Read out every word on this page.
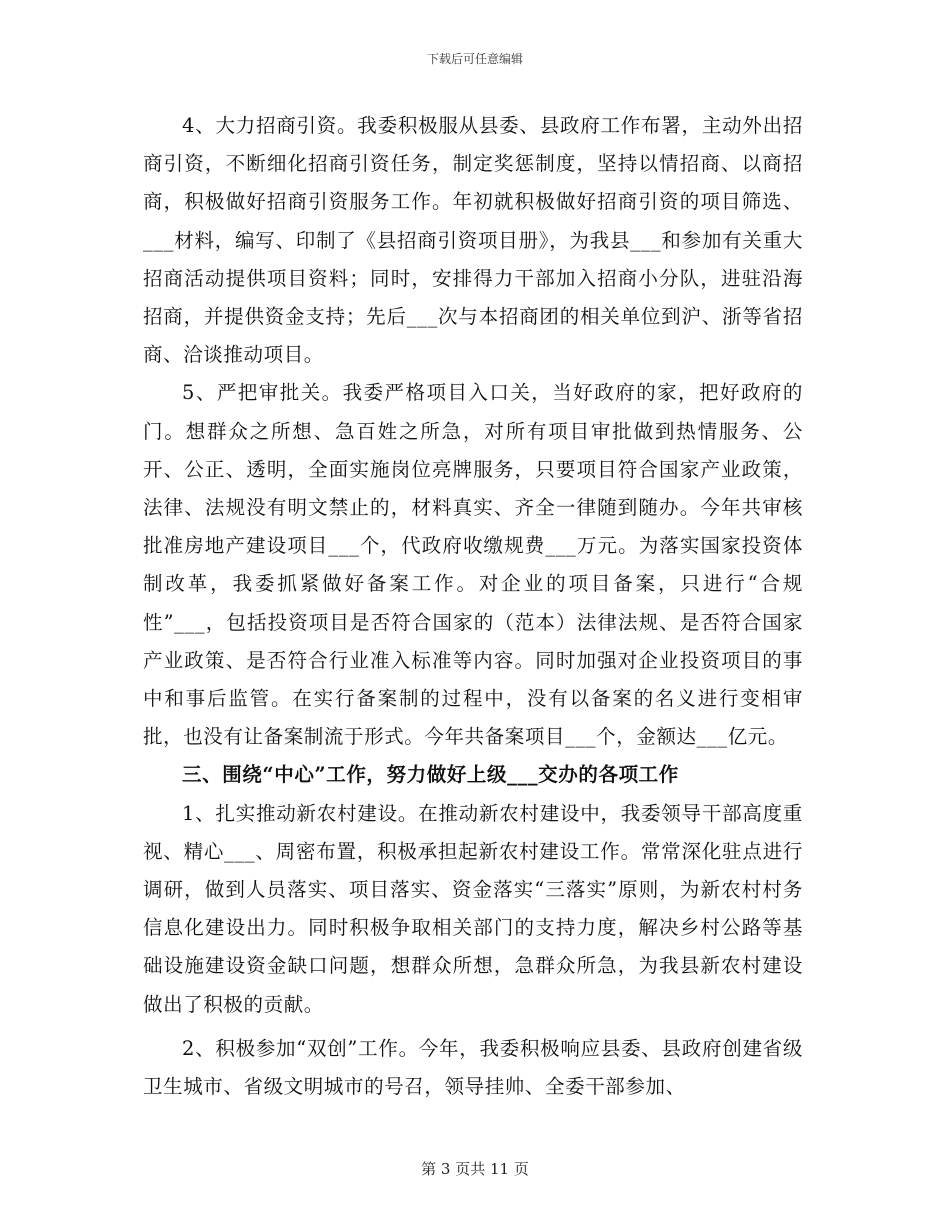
下载后可任意编辑

4、大力招商引资。我委积极服从县委、县政府工作布署，主动外出招商引资，不断细化招商引资任务，制定奖惩制度，坚持以情招商、以商招商，积极做好招商引资服务工作。年初就积极做好招商引资的项目筛选、___材料，编写、印制了《县招商引资项目册》，为我县___和参加有关重大招商活动提供项目资料；同时，安排得力干部加入招商小分队，进驻沿海招商，并提供资金支持；先后___次与本招商团的相关单位到沪、浙等省招商、洽谈推动项目。

5、严把审批关。我委严格项目入口关，当好政府的家，把好政府的门。想群众之所想、急百姓之所急，对所有项目审批做到热情服务、公开、公正、透明，全面实施岗位亮牌服务，只要项目符合国家产业政策，法律、法规没有明文禁止的，材料真实、齐全一律随到随办。今年共审核批准房地产建设项目___个，代政府收缴规费___万元。为落实国家投资体制改革，我委抓紧做好备案工作。对企业的项目备案，只进行“合规性”___，包括投资项目是否符合国家的（范本）法律法规、是否符合国家产业政策、是否符合行业准入标准等内容。同时加强对企业投资项目的事中和事后监管。在实行备案制的过程中，没有以备案的名义进行变相审批，也没有让备案制流于形式。今年共备案项目___个，金额达___亿元。

三、围绕“中心”工作，努力做好上级___交办的各项工作

1、扎实推动新农村建设。在推动新农村建设中，我委领导干部高度重视、精心___、周密布置，积极承担起新农村建设工作。常常深化驻点进行调研，做到人员落实、项目落实、资金落实“三落实”原则，为新农村村务信息化建设出力。同时积极争取相关部门的支持力度，解决乡村公路等基础设施建设资金缺口问题，想群众所想，急群众所急，为我县新农村建设做出了积极的贡献。

2、积极参加“双创”工作。今年，我委积极响应县委、县政府创建省级卫生城市、省级文明城市的号召，领导挂帅、全委干部参加、

第 3 页共 11 页
